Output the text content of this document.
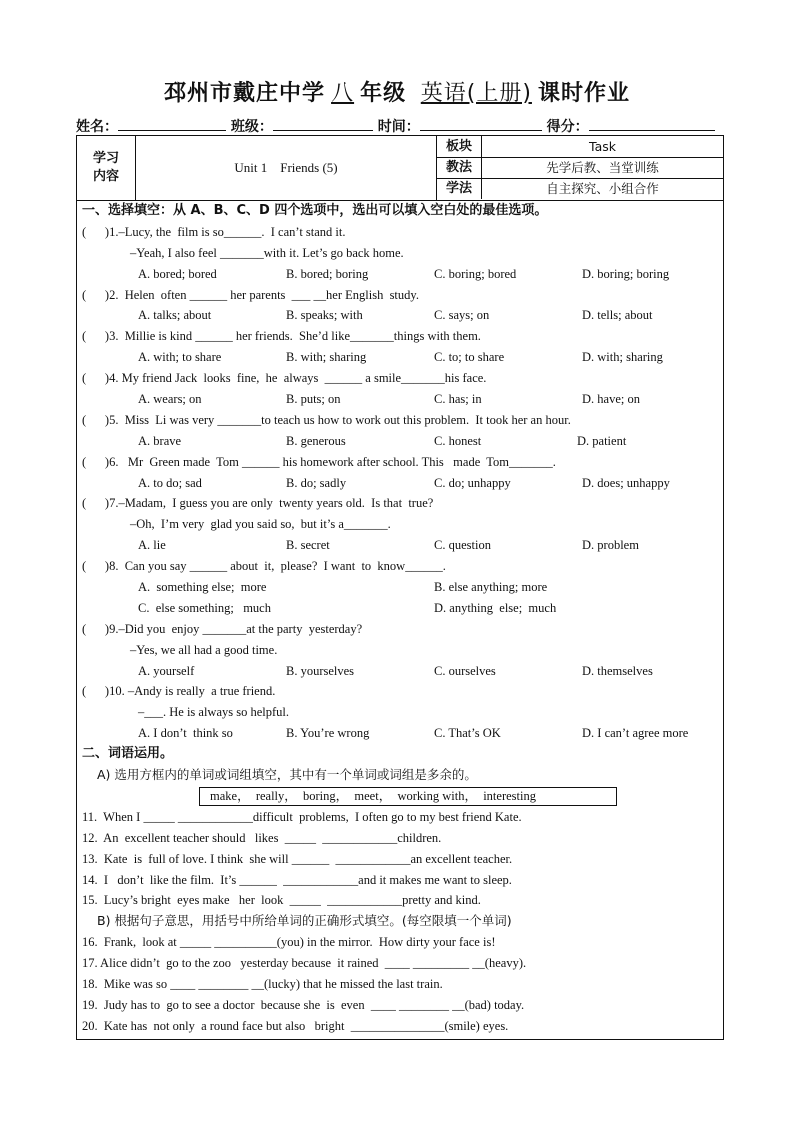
邳州市戴庄中学 八 年级 英语(上册) 课时作业
姓名：	班级：	时间：	得分：
学习内容
Unit 1    Friends (5)
板块	Task
教法	先学后教、当堂训练
学法	自主探究、小组合作
一、选择填空：从 A、B、C、D 四个选项中，选出可以填入空白处的最佳选项。
(      )1.–Lucy, the  film is so______.  I can’t stand it.
–Yeah, I also feel _______with it. Let’s go back home.
A. bored; bored	B. bored; boring	C. boring; bored	D. boring; boring
(      )2.  Helen  often ______ her parents  ___ __her English  study.
A. talks; about	B. speaks; with	C. says; on	D. tells; about
(      )3.  Millie is kind ______ her friends.  She’d like_______things with them.
A. with; to share	B. with; sharing	C. to; to share	D. with; sharing
(      )4. My friend Jack  looks  fine,  he  always  ______ a smile_______his face.
A. wears; on	B. puts; on	C. has; in	D. have; on
(      )5.  Miss  Li was very _______to teach us how to work out this problem.  It took her an hour.
A. brave	B. generous	C. honest	D. patient
(      )6.   Mr  Green made  Tom ______ his homework after school. This   made  Tom_______.
A. to do; sad	B. do; sadly	C. do; unhappy	D. does; unhappy
(      )7.–Madam,  I guess you are only  twenty years old.  Is that  true?
–Oh,  I’m very  glad you said so,  but it’s a_______.
A. lie	B. secret	C. question	D. problem
(      )8.  Can you say ______ about  it,  please?  I want  to  know______.
A.  something else;  more	B. else anything; more
C.  else something;   much	D. anything  else;  much
(      )9.–Did you  enjoy _______at the party  yesterday?
–Yes, we all had a good time.
A. yourself	B. yourselves	C. ourselves	D. themselves
(      )10. –Andy is really  a true friend.
–___. He is always so helpful.
A. I don’t  think so	B. You’re wrong	C. That’s OK	D. I can’t agree more
二、词语运用。
A) 选用方框内的单词或词组填空，其中有一个单词或词组是多余的。
make，  really，  boring，  meet，  working with，  interesting
11.  When I _____ ____________difficult  problems,  I often go to my best friend Kate.
12.  An  excellent teacher should   likes  _____  ____________children.
13.  Kate  is  full of love. I think  she will ______  ____________an excellent teacher.
14.  I   don’t  like the film.  It’s ______  ____________and it makes me want to sleep.
15.  Lucy’s bright  eyes make   her  look  _____  ____________pretty and kind.
B) 根据句子意思，用括号中所给单词的正确形式填空。(每空限填一个单词)
16.  Frank,  look at _____ __________(you) in the mirror.  How dirty your face is!
17. Alice didn’t  go to the zoo   yesterday because  it rained  ____ _________ __(heavy).
18.  Mike was so ____ ________ __(lucky) that he missed the last train.
19.  Judy has to  go to see a doctor  because she  is  even  ____ ________ __(bad) today.
20.  Kate has  not only  a round face but also   bright  _______________(smile) eyes.
